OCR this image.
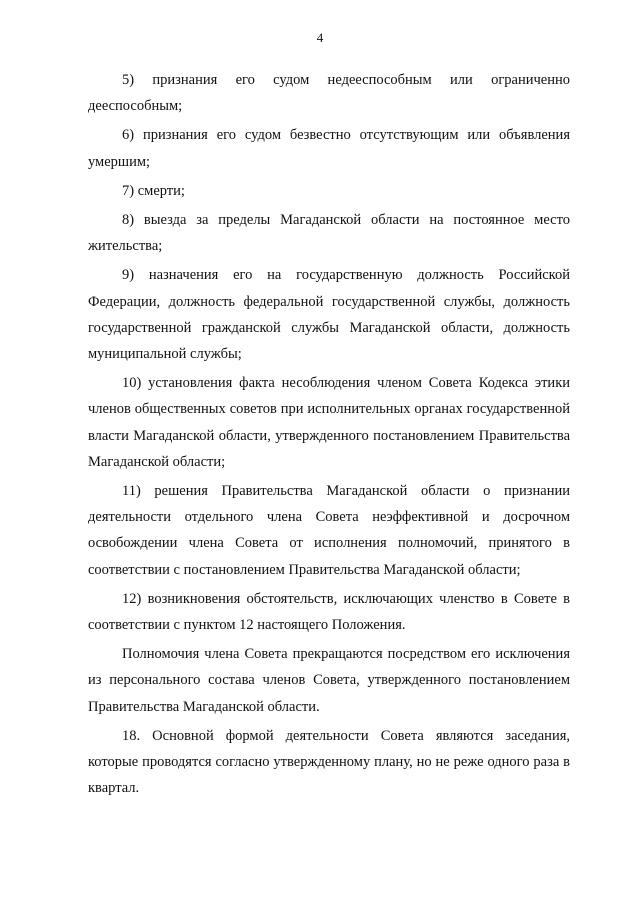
4

5) признания его судом недееспособным или ограниченно дееспособным;

6) признания его судом безвестно отсутствующим или объявления умершим;

7) смерти;

8) выезда за пределы Магаданской области на постоянное место жительства;

9) назначения его на государственную должность Российской Федерации, должность федеральной государственной службы, должность государственной гражданской службы Магаданской области, должность муниципальной службы;

10) установления факта несоблюдения членом Совета Кодекса этики членов общественных советов при исполнительных органах государственной власти Магаданской области, утвержденного постановлением Правительства Магаданской области;

11) решения Правительства Магаданской области о признании деятельности отдельного члена Совета неэффективной и досрочном освобождении члена Совета от исполнения полномочий, принятого в соответствии с постановлением Правительства Магаданской области;

12) возникновения обстоятельств, исключающих членство в Совете в соответствии с пунктом 12 настоящего Положения.

Полномочия члена Совета прекращаются посредством его исключения из персонального состава членов Совета, утвержденного постановлением Правительства Магаданской области.

18. Основной формой деятельности Совета являются заседания, которые проводятся согласно утвержденному плану, но не реже одного раза в квартал.
